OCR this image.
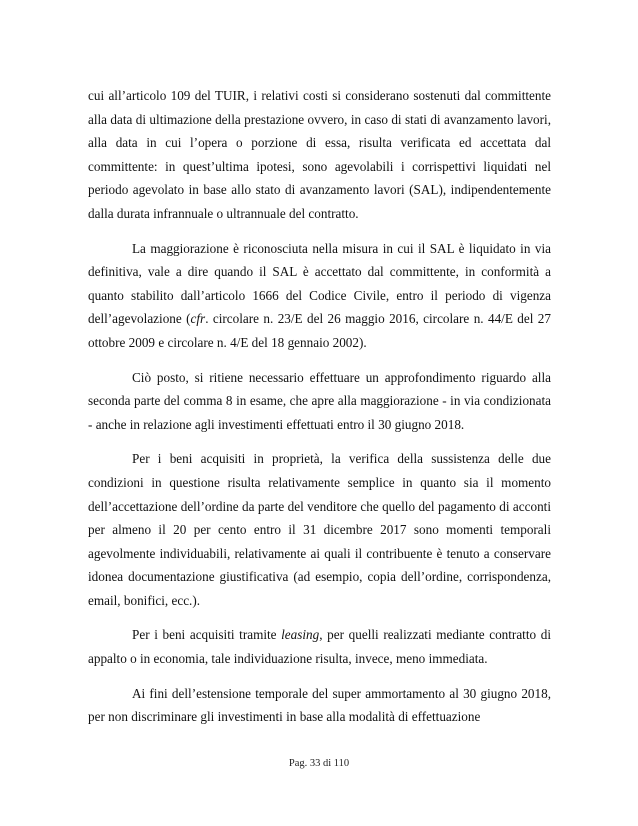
cui all’articolo 109 del TUIR, i relativi costi si considerano sostenuti dal committente alla data di ultimazione della prestazione ovvero, in caso di stati di avanzamento lavori, alla data in cui l’opera o porzione di essa, risulta verificata ed accettata dal committente: in quest’ultima ipotesi, sono agevolabili i corrispettivi liquidati nel periodo agevolato in base allo stato di avanzamento lavori (SAL), indipendentemente dalla durata infrannuale o ultrannuale del contratto.

La maggiorazione è riconosciuta nella misura in cui il SAL è liquidato in via definitiva, vale a dire quando il SAL è accettato dal committente, in conformità a quanto stabilito dall’articolo 1666 del Codice Civile, entro il periodo di vigenza dell’agevolazione (cfr. circolare n. 23/E del 26 maggio 2016, circolare n. 44/E del 27 ottobre 2009 e circolare n. 4/E del 18 gennaio 2002).

Ciò posto, si ritiene necessario effettuare un approfondimento riguardo alla seconda parte del comma 8 in esame, che apre alla maggiorazione - in via condizionata - anche in relazione agli investimenti effettuati entro il 30 giugno 2018.

Per i beni acquisiti in proprietà, la verifica della sussistenza delle due condizioni in questione risulta relativamente semplice in quanto sia il momento dell’accettazione dell’ordine da parte del venditore che quello del pagamento di acconti per almeno il 20 per cento entro il 31 dicembre 2017 sono momenti temporali agevolmente individuabili, relativamente ai quali il contribuente è tenuto a conservare idonea documentazione giustificativa (ad esempio, copia dell’ordine, corrispondenza, email, bonifici, ecc.).

Per i beni acquisiti tramite leasing, per quelli realizzati mediante contratto di appalto o in economia, tale individuazione risulta, invece, meno immediata.

Ai fini dell’estensione temporale del super ammortamento al 30 giugno 2018, per non discriminare gli investimenti in base alla modalità di effettuazione

Pag. 33 di 110
